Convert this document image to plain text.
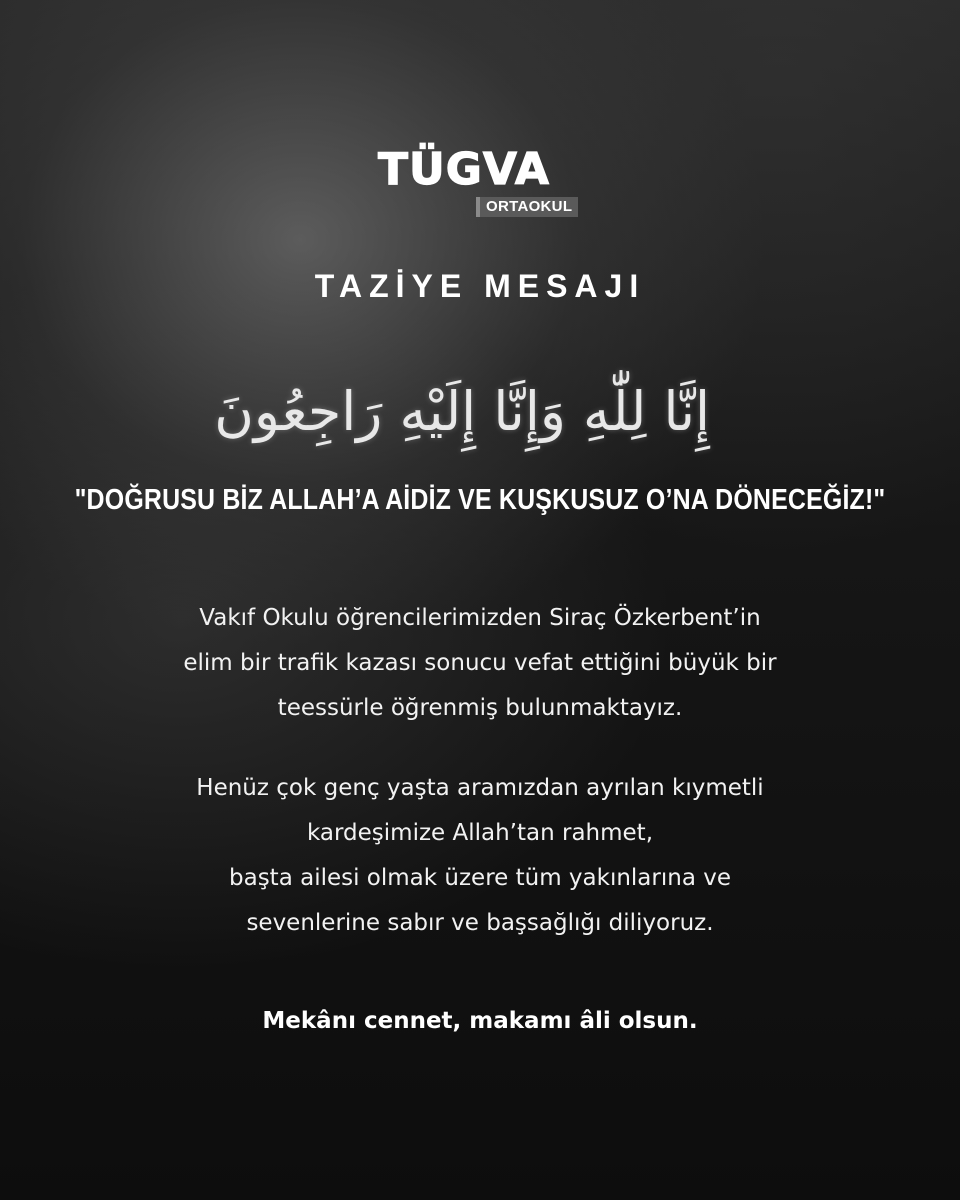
TÜGVA
ORTAOKUL
TAZİYE MESAJI
إِنَّا لِلّٰهِ وَإِنَّا إِلَيْهِ رَاجِعُونَ
"DOĞRUSU BİZ ALLAH’A AİDİZ VE KUŞKUSUZ O’NA DÖNECEĞİZ!"
Vakıf Okulu öğrencilerimizden Siraç Özkerbent’in
elim bir trafik kazası sonucu vefat ettiğini büyük bir
teessürle öğrenmiş bulunmaktayız.
Henüz çok genç yaşta aramızdan ayrılan kıymetli
kardeşimize Allah’tan rahmet,
başta ailesi olmak üzere tüm yakınlarına ve
sevenlerine sabır ve başsağlığı diliyoruz.
Mekânı cennet, makamı âli olsun.
